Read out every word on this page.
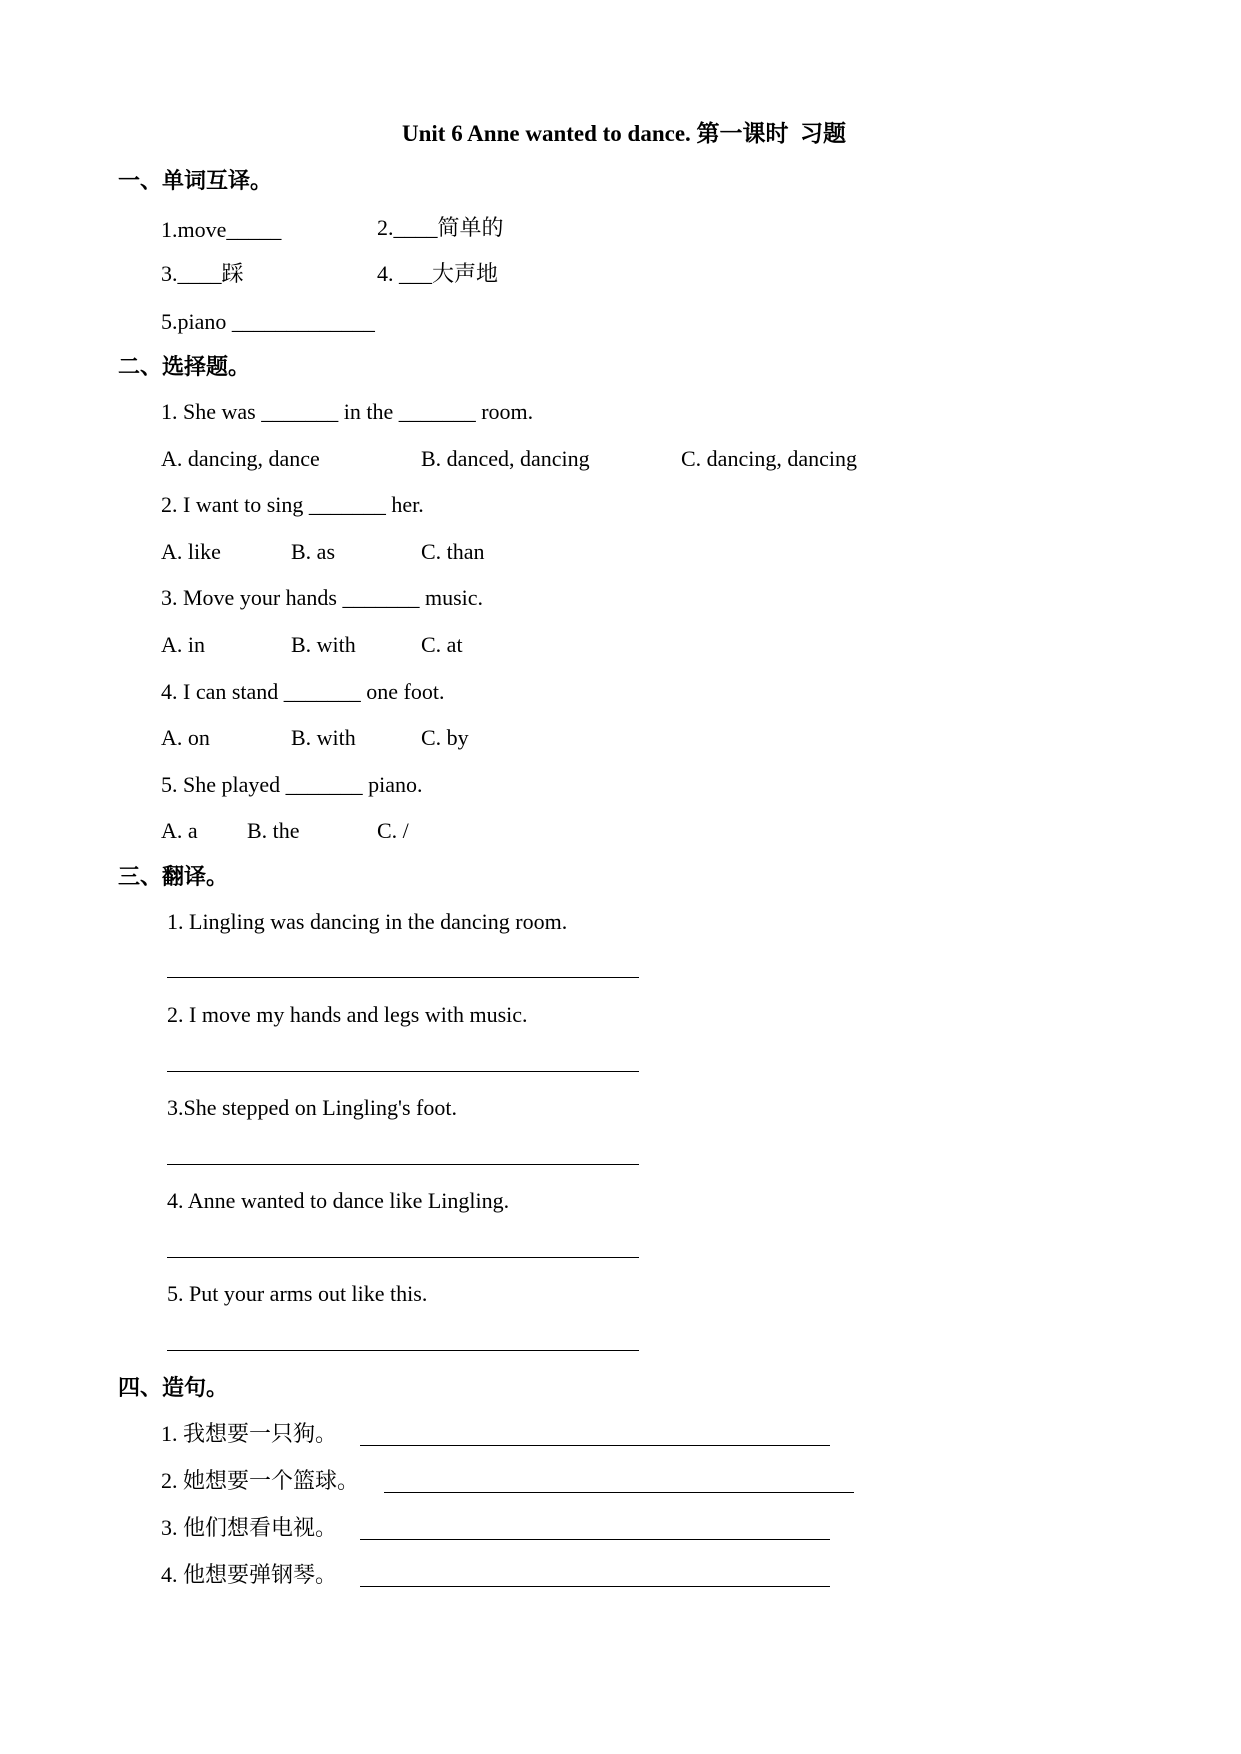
Unit 6 Anne wanted to dance. 第一课时  习题
一、单词互译。
1.move_____	2.____简单的
3.____踩	4. ___大声地
5.piano _____________
二、选择题。
1. She was _______ in the _______ room.
A. dancing, dance	B. danced, dancing	C. dancing, dancing
2. I want to sing _______ her.
A. like	B. as	C. than
3. Move your hands _______ music.
A. in	B. with	C. at
4. I can stand _______ one foot.
A. on	B. with	C. by
5. She played _______ piano.
A. a B. the	C. /
三、翻译。
1. Lingling was dancing in the dancing room.
2. I move my hands and legs with music.
3.She stepped on Lingling's foot.
4. Anne wanted to dance like Lingling.
5. Put your arms out like this.
四、造句。
1. 我想要一只狗。
2. 她想要一个篮球。
3. 他们想看电视。
4. 他想要弹钢琴。
